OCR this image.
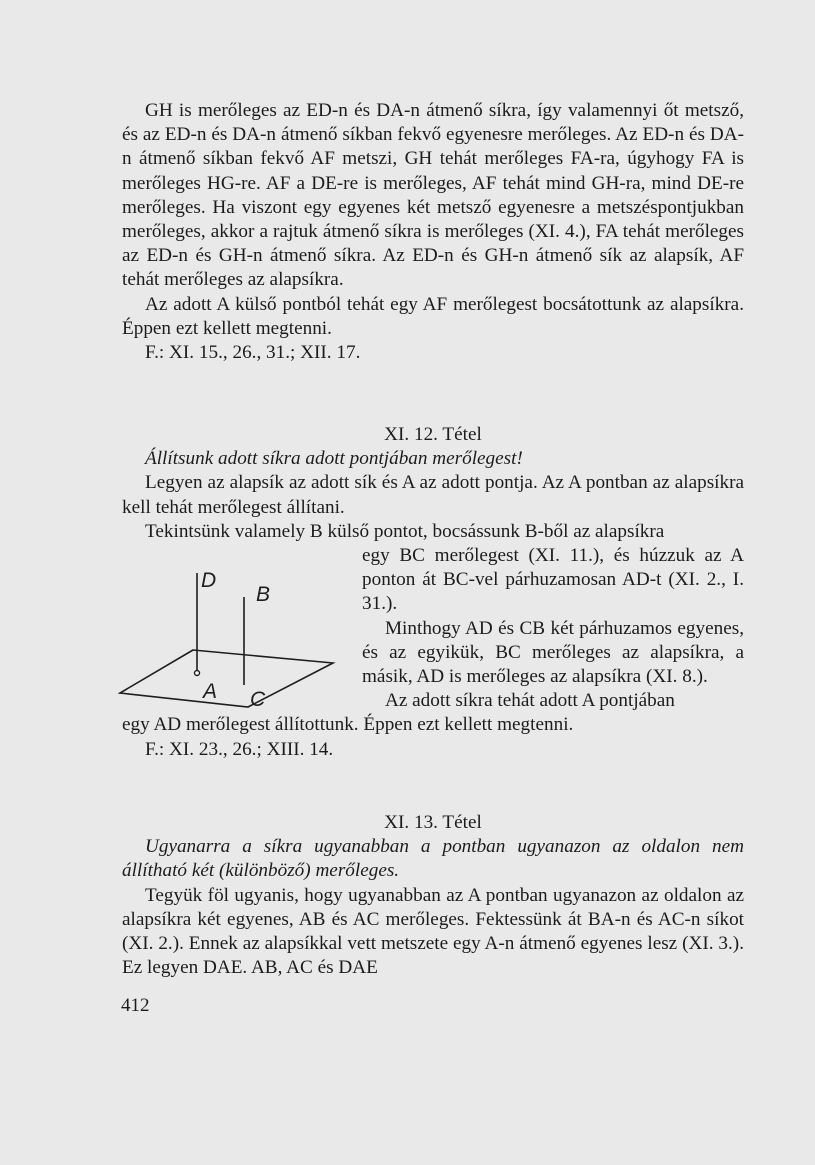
GH is merőleges az ED-n és DA-n átmenő síkra, így valamennyi őt metsző, és az ED-n és DA-n átmenő síkban fekvő egyenesre merőleges. Az ED-n és DA-n átmenő síkban fekvő AF metszi, GH tehát merőleges FA-ra, úgyhogy FA is merőleges HG-re. AF a DE-re is merőleges, AF tehát mind GH-ra, mind DE-re merőleges. Ha viszont egy egyenes két metsző egyenesre a metszéspontjukban merőleges, akkor a rajtuk átmenő síkra is merőleges (XI. 4.), FA tehát merőleges az ED-n és GH-n átmenő síkra. Az ED-n és GH-n átmenő sík az alapsík, AF tehát merőleges az alapsíkra.

Az adott A külső pontból tehát egy AF merőlegest bocsátottunk az alapsíkra. Éppen ezt kellett megtenni.

F.: XI. 15., 26., 31.; XII. 17.

XI. 12. Tétel

Állítsunk adott síkra adott pontjában merőlegest!

Legyen az alapsík az adott sík és A az adott pontja. Az A pontban az alapsíkra kell tehát merőlegest állítani.

Tekintsünk valamely B külső pontot, bocsássunk B-ből az alapsíkra

egy BC merőlegest (XI. 11.), és húzzuk az A ponton át BC-vel párhuzamosan AD-t (XI. 2., I. 31.).

Minthogy AD és CB két párhuzamos egyenes, és az egyikük, BC merőleges az alapsíkra, a másik, AD is merőleges az alapsíkra (XI. 8.).

Az adott síkra tehát adott A pontjában

egy AD merőlegest állítottunk. Éppen ezt kellett megtenni.

F.: XI. 23., 26.; XIII. 14.

D
B
A C

XI. 13. Tétel

Ugyanarra a síkra ugyanabban a pontban ugyanazon az oldalon nem állítható két (különböző) merőleges.

Tegyük föl ugyanis, hogy ugyanabban az A pontban ugyanazon az oldalon az alapsíkra két egyenes, AB és AC merőleges. Fektessünk át BA-n és AC-n síkot (XI. 2.). Ennek az alapsíkkal vett metszete egy A-n átmenő egyenes lesz (XI. 3.). Ez legyen DAE. AB, AC és DAE

412
